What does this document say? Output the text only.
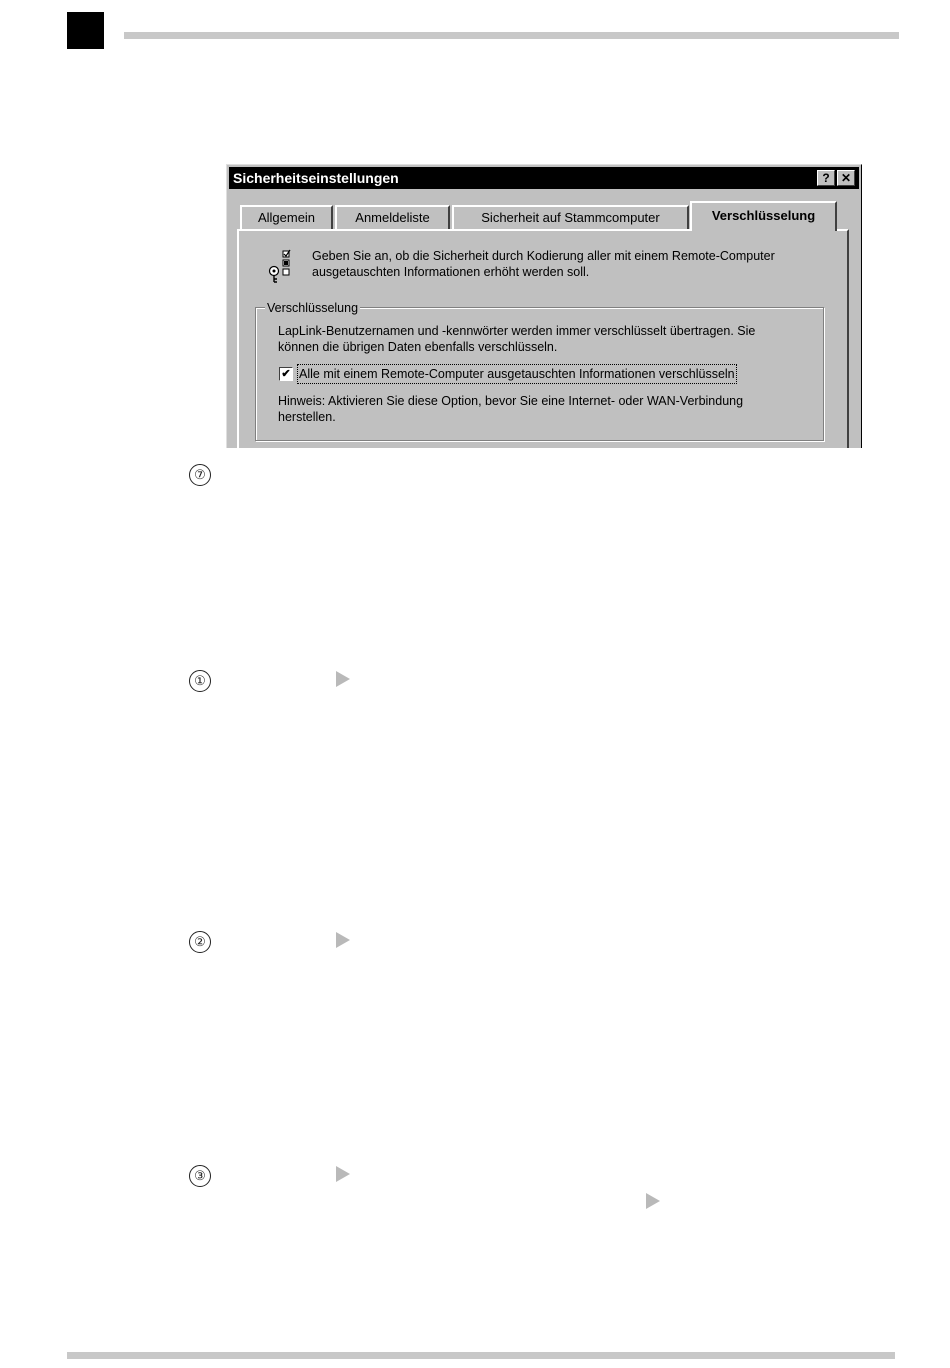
Sicherheitseinstellungen	? ✕
Allgemein	Anmeldeliste	Sicherheit auf Stammcomputer	Verschlüsselung
Geben Sie an, ob die Sicherheit durch Kodierung aller mit einem Remote-Computer
ausgetauschten Informationen erhöht werden soll.
Verschlüsselung
LapLink-Benutzernamen und -kennwörter werden immer verschlüsselt übertragen. Sie
können die übrigen Daten ebenfalls verschlüsseln.
✔ Alle mit einem Remote-Computer ausgetauschten Informationen verschlüsseln
Hinweis: Aktivieren Sie diese Option, bevor Sie eine Internet- oder WAN-Verbindung
herstellen.
⑦
①
②
③
